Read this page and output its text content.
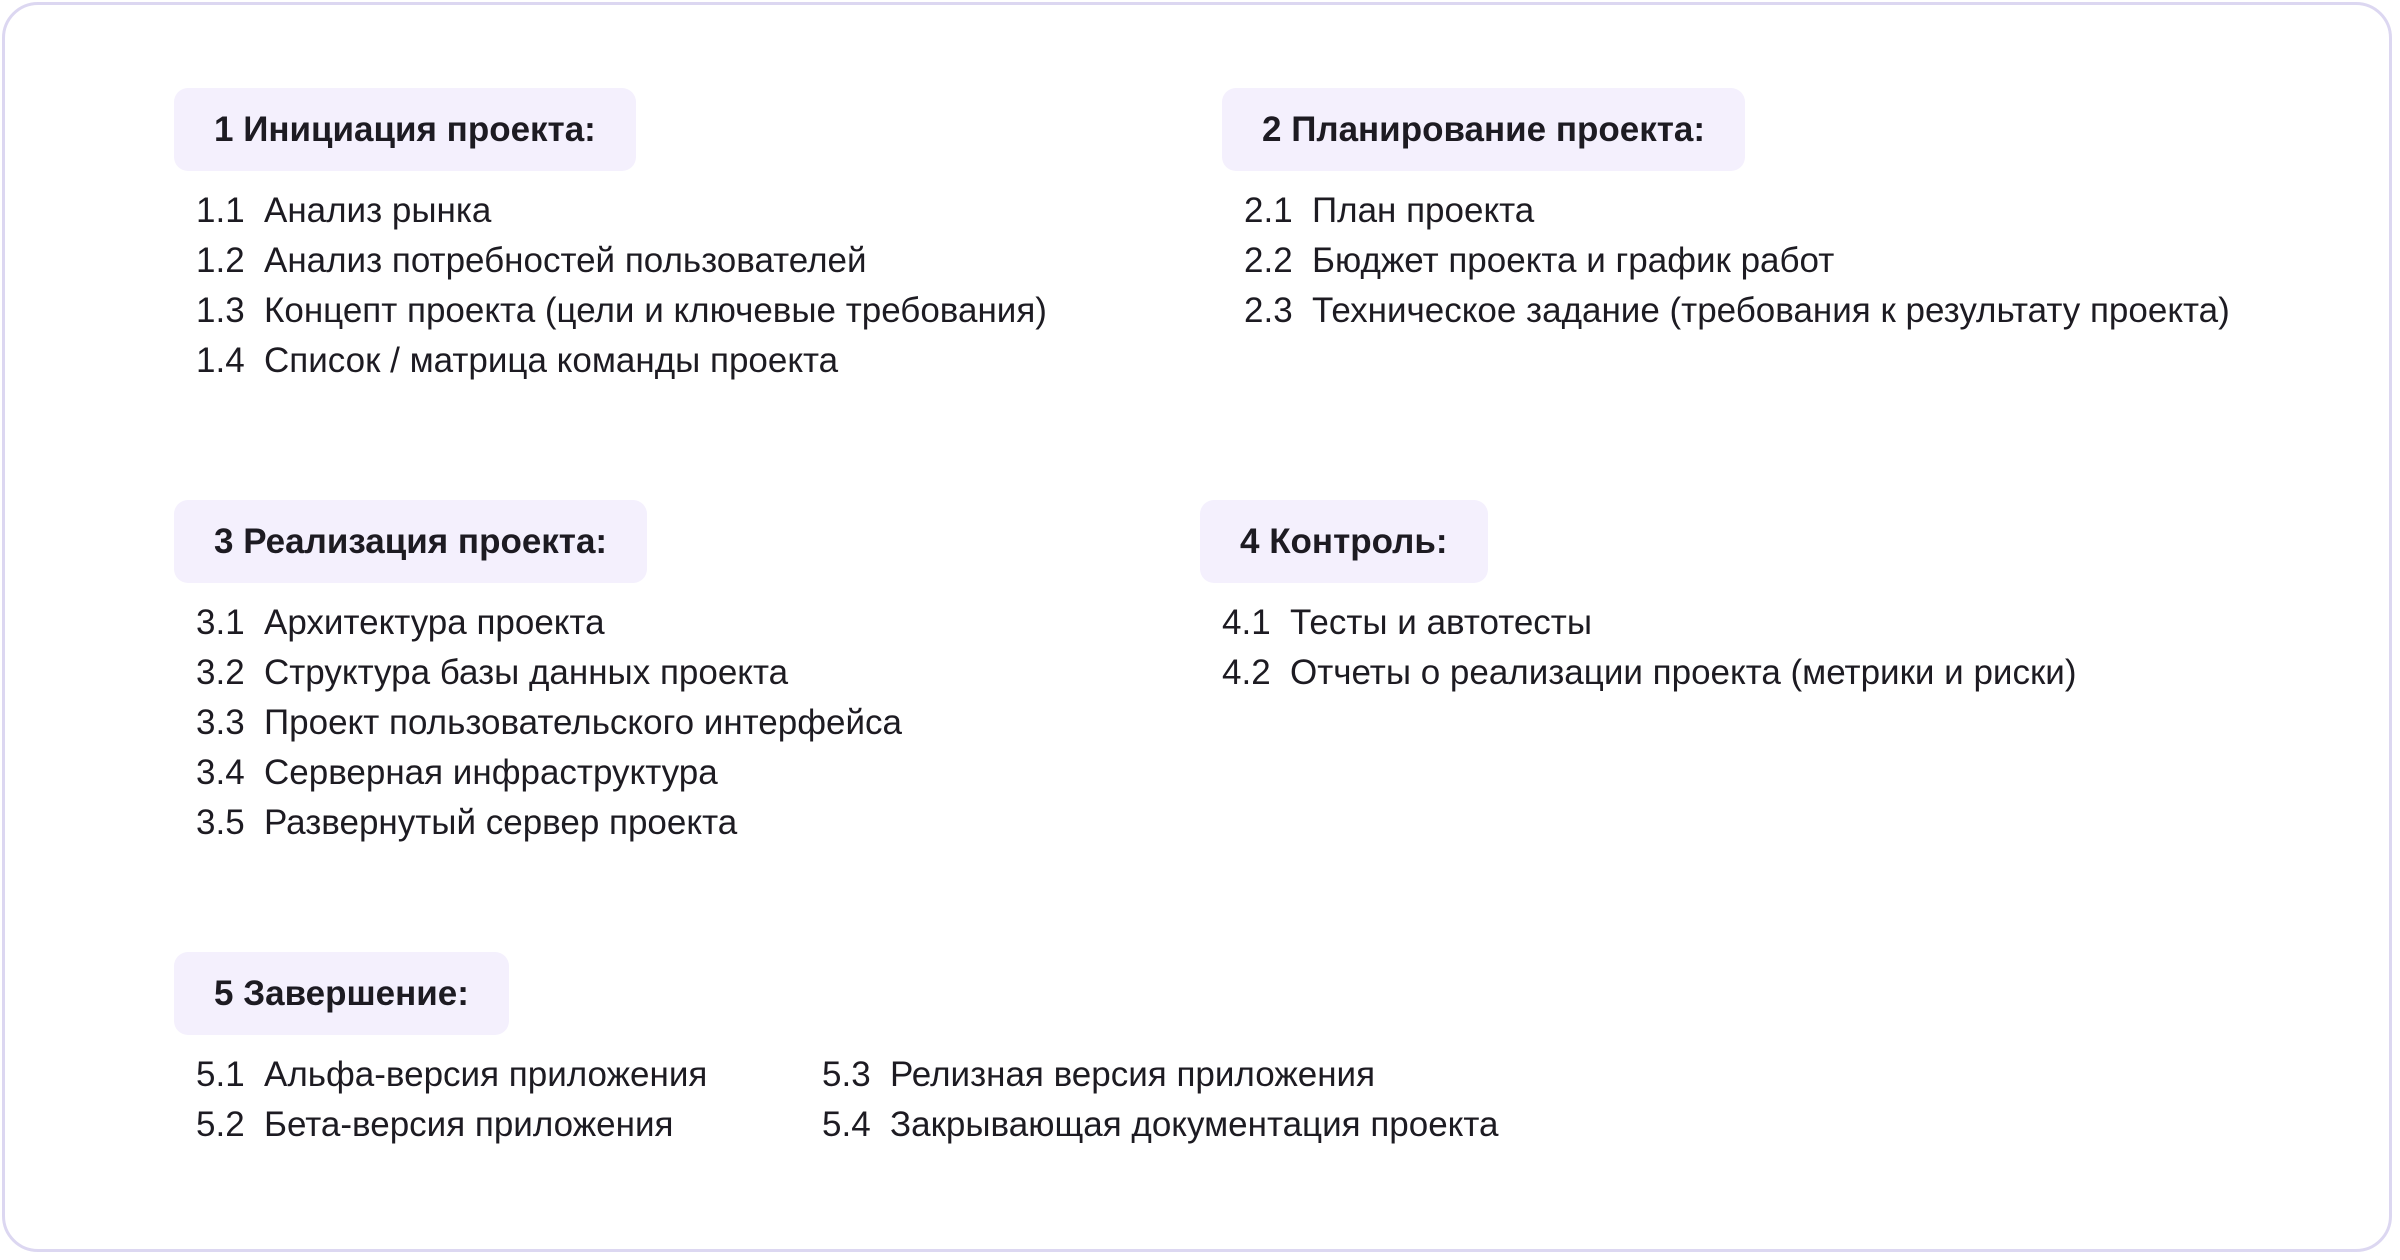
1 Инициация проекта:
1.1 Анализ рынка
1.2 Анализ потребностей пользователей
1.3 Концепт проекта (цели и ключевые требования)
1.4 Список / матрица команды проекта
2 Планирование проекта:
2.1 План проекта
2.2 Бюджет проекта и график работ
2.3 Техническое задание (требования к результату проекта)
3 Реализация проекта:
3.1 Архитектура проекта
3.2 Структура базы данных проекта
3.3 Проект пользовательского интерфейса
3.4 Серверная инфраструктура
3.5 Развернутый сервер проекта
4 Контроль:
4.1 Тесты и автотесты
4.2 Отчеты о реализации проекта (метрики и риски)
5 Завершение:
5.1 Альфа-версия приложения
5.2 Бета-версия приложения
5.3 Релизная версия приложения
5.4 Закрывающая документация проекта
